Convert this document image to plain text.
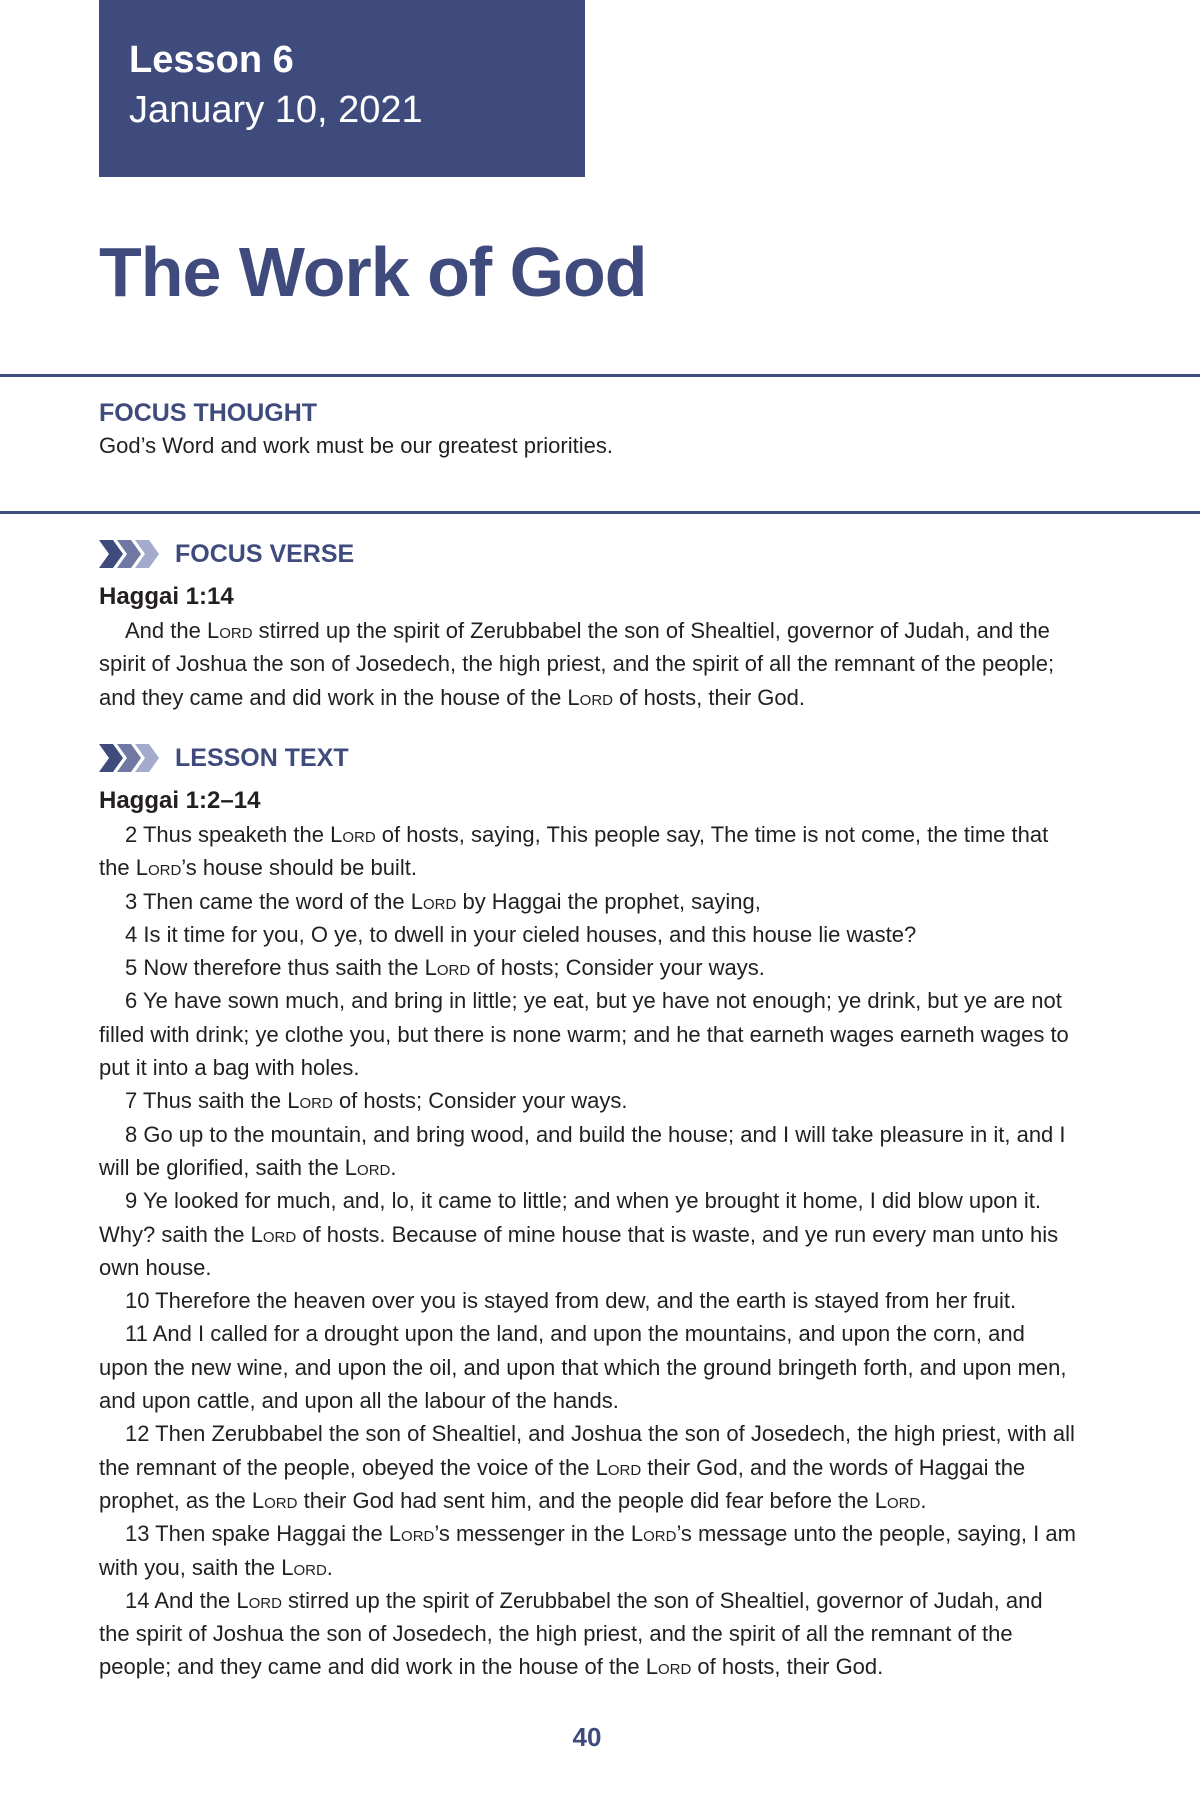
Lesson 6
January 10, 2021
The Work of God
FOCUS THOUGHT
God’s Word and work must be our greatest priorities.
FOCUS VERSE
Haggai 1:14

And the Lord stirred up the spirit of Zerubbabel the son of Shealtiel, governor of Judah, and the spirit of Joshua the son of Josedech, the high priest, and the spirit of all the remnant of the people; and they came and did work in the house of the Lord of hosts, their God.

LESSON TEXT
Haggai 1:2–14

2 Thus speaketh the Lord of hosts, saying, This people say, The time is not come, the time that the Lord’s house should be built.

3 Then came the word of the Lord by Haggai the prophet, saying,

4 Is it time for you, O ye, to dwell in your cieled houses, and this house lie waste?

5 Now therefore thus saith the Lord of hosts; Consider your ways.

6 Ye have sown much, and bring in little; ye eat, but ye have not enough; ye drink, but ye are not filled with drink; ye clothe you, but there is none warm; and he that earneth wages earneth wages to put it into a bag with holes.

7 Thus saith the Lord of hosts; Consider your ways.

8 Go up to the mountain, and bring wood, and build the house; and I will take pleasure in it, and I will be glorified, saith the Lord.

9 Ye looked for much, and, lo, it came to little; and when ye brought it home, I did blow upon it. Why? saith the Lord of hosts. Because of mine house that is waste, and ye run every man unto his own house.

10 Therefore the heaven over you is stayed from dew, and the earth is stayed from her fruit.

11 And I called for a drought upon the land, and upon the mountains, and upon the corn, and upon the new wine, and upon the oil, and upon that which the ground bringeth forth, and upon men, and upon cattle, and upon all the labour of the hands.

12 Then Zerubbabel the son of Shealtiel, and Joshua the son of Josedech, the high priest, with all the remnant of the people, obeyed the voice of the Lord their God, and the words of Haggai the prophet, as the Lord their God had sent him, and the people did fear before the Lord.

13 Then spake Haggai the Lord’s messenger in the Lord’s message unto the people, saying, I am with you, saith the Lord.

14 And the Lord stirred up the spirit of Zerubbabel the son of Shealtiel, governor of Judah, and the spirit of Joshua the son of Josedech, the high priest, and the spirit of all the remnant of the people; and they came and did work in the house of the Lord of hosts, their God.

40
